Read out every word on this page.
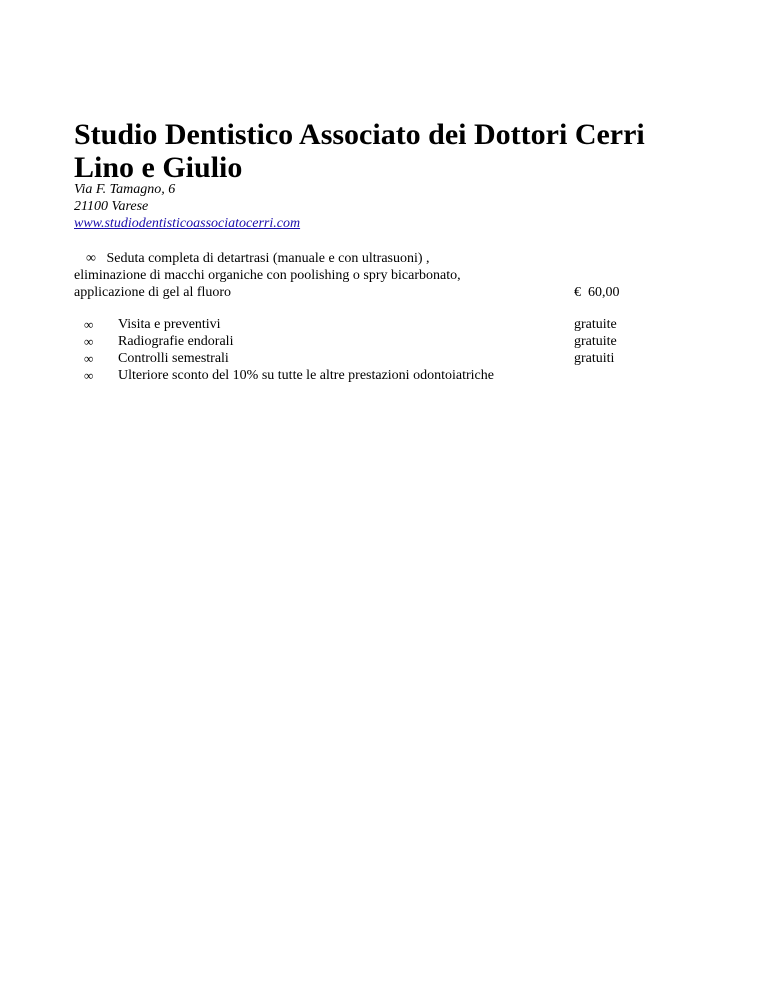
Studio Dentistico Associato dei Dottori Cerri Lino e Giulio
Via F. Tamagno, 6
21100 Varese
www.studiodentisticoassociatocerri.com
∞ Seduta completa di detartrasi (manuale e con ultrasuoni) ,
eliminazione di macchi organiche con poolishing o spry bicarbonato,
applicazione di gel al fluoro	€  60,00
∞ Visita e preventivi	gratuite
∞ Radiografie endorali	gratuite
∞ Controlli semestrali	gratuiti
∞ Ulteriore sconto del 10% su tutte le altre prestazioni odontoiatriche
